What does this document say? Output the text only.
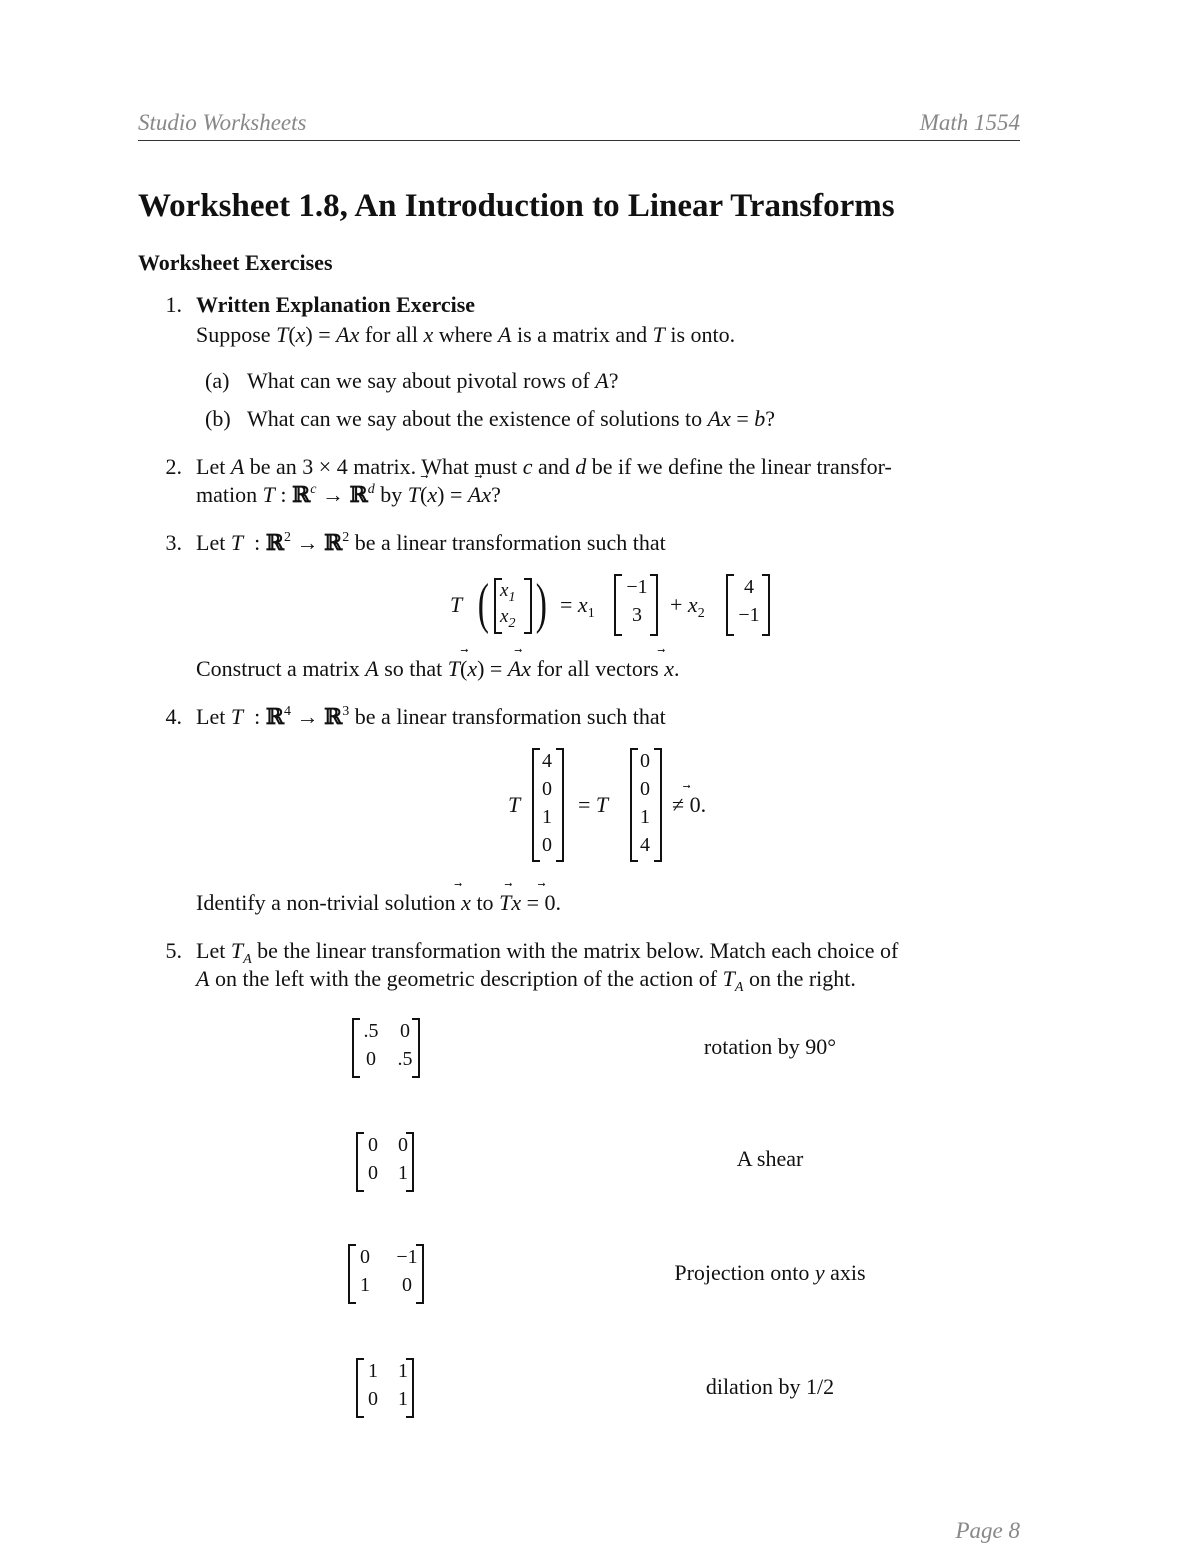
Studio Worksheets	Math 1554
Worksheet 1.8, An Introduction to Linear Transforms
Worksheet Exercises
1. Written Explanation Exercise
Suppose T(x) = Ax for all x where A is a matrix and T is onto.
(a) What can we say about pivotal rows of A?
(b) What can we say about the existence of solutions to Ax = b?
2. Let A be an 3 × 4 matrix. What must c and d be if we define the linear transfor-
mation T : ℝ$^c$ → ℝ$^d$ by T(x ⃗) = Ax ⃗?
3. Let T  : ℝ$^2$ → ℝ$^2$ be a linear transformation such that
T ( $x_1$
$x_2$ ) = $x_1$
−1
3	+ $x_2$
4
−1
Construct a matrix A so that T(x ⃗) = Ax ⃗ for all vectors x ⃗.
4. Let T  : ℝ$^4$ → ℝ$^3$ be a linear transformation such that
T
4
0
1
0
= T
0
0
1
4
≠ 0 ⃗.
Identify a non-trivial solution x ⃗ to Tx ⃗ = 0 ⃗.
5. Let $T_A$ be the linear transformation with the matrix below. Match each choice of
A on the left with the geometric description of the action of $T_A$ on the right.
.5	0
0	.5	rotation by 90°
0	0
0	1
A shear
0	−1
1	0	Projection onto y axis
1	1
0	1	dilation by 1/2
Page 8
